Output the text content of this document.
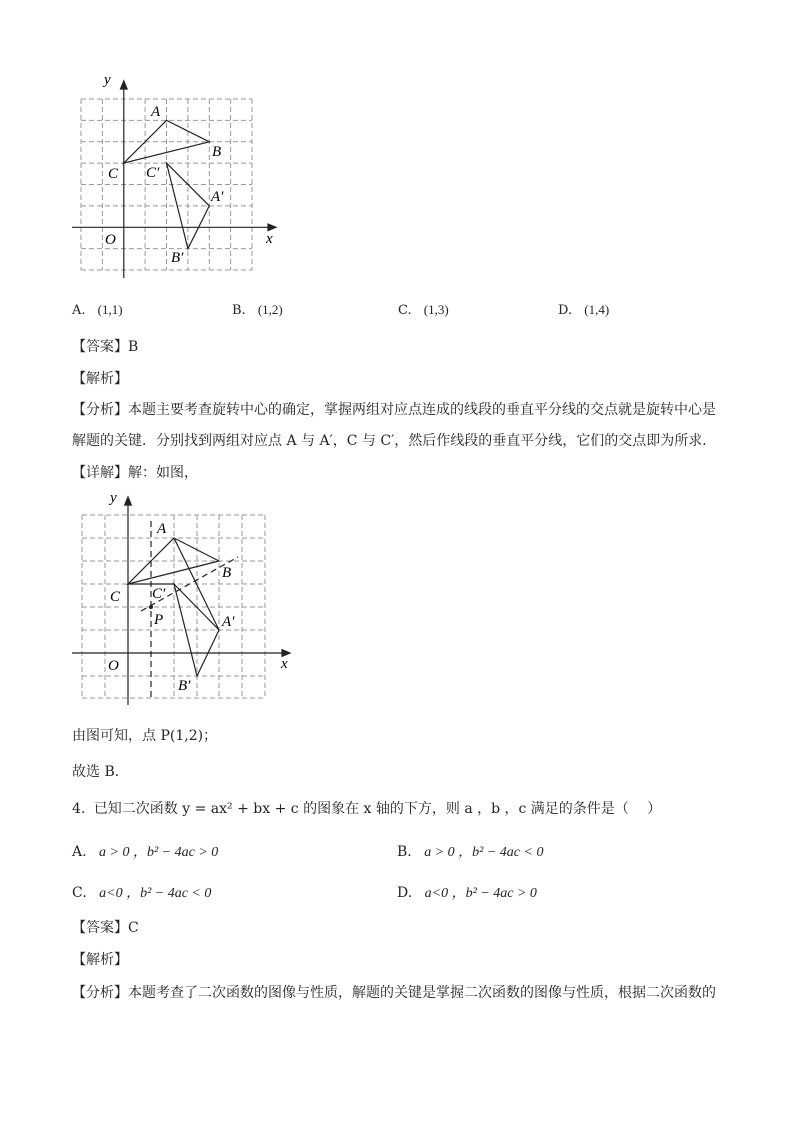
x
y
O
A
B
C
A′
B′
C′
A. (1,1)	B. (1,2)	C. (1,3)	D. (1,4)
【答案】B
【解析】
【分析】本题主要考查旋转中心的确定，掌握两组对应点连成的线段的垂直平分线的交点就是旋转中心是
解题的关键．分别找到两组对应点 A 与 A′，C 与 C′，然后作线段的垂直平分线，它们的交点即为所求．
【详解】解：如图，
x
y
O
A
B
C
A′
B′
C′
P
由图可知，点 P(1,2)；
故选 B．
4. 已知二次函数 y = ax² + bx + c 的图象在 x 轴的下方，则 a ，b ，c 满足的条件是（　 ）
A. a > 0 ，b² − 4ac > 0	B. a > 0 ，b² − 4ac < 0
C. a<0 ，b² − 4ac < 0	D. a<0 ，b² − 4ac > 0
【答案】C
【解析】
【分析】本题考查了二次函数的图像与性质，解题的关键是掌握二次函数的图像与性质，根据二次函数的
